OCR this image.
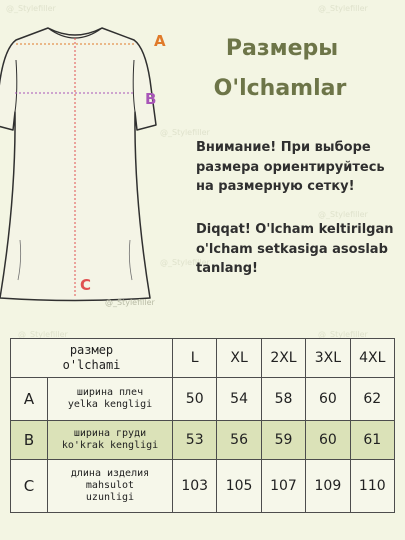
@_Stylefiller	@_Stylefiller
@_Stylefiller
@_Stylefiller
@_Stylefiller
@_Stylefiller	@_Stylefiller
A
B
C
@_Stylefiller
Размеры
O'lchamlar
Внимание! При выборе
размера ориентируйтесь
на размерную сетку!
Diqqat! O'lcham keltirilgan
o'lcham setkasiga asoslab
tanlang!
размер
o'lchami		L	XL	2XL	3XL	4XL
A	ширина плеч
yelka kengligi	50	54	58	60	62
B	ширина груди
ko'krak kengligi	53	56	59	60	61
C	длина изделия
mahsulot
uzunligi	103	105	107	109	110
